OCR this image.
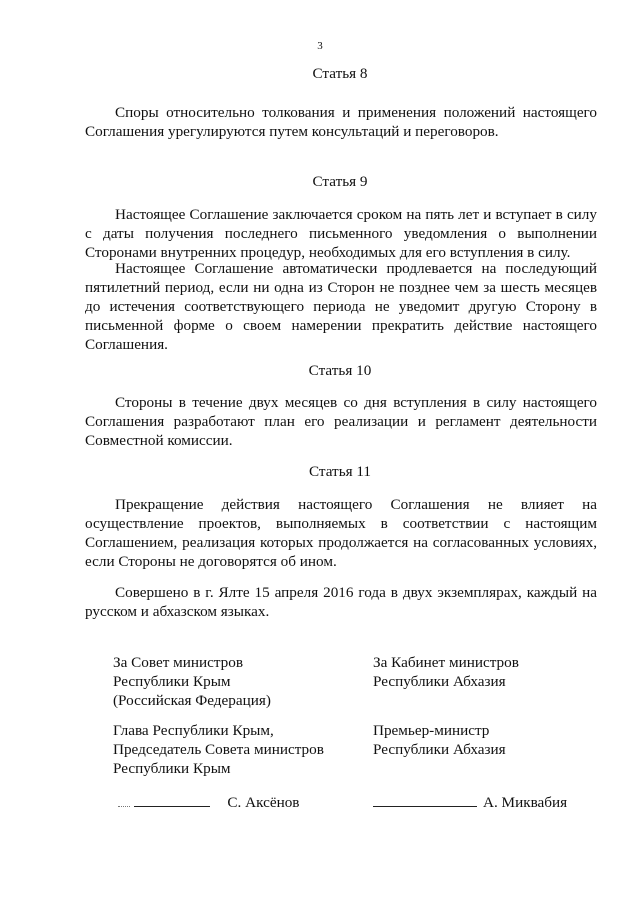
3
Статья 8

Споры относительно толкования и применения положений настоящего Соглашения урегулируются путем консультаций и переговоров.

Статья 9

Настоящее Соглашение заключается сроком на пять лет и вступает в силу с даты получения последнего письменного уведомления о выполнении Сторонами внутренних процедур, необходимых для его вступления в силу.

Настоящее Соглашение автоматически продлевается на последующий пятилетний период, если ни одна из Сторон не позднее чем за шесть месяцев до истечения соответствующего периода не уведомит другую Сторону в письменной форме о своем намерении прекратить действие настоящего Соглашения.

Статья 10

Стороны в течение двух месяцев со дня вступления в силу настоящего Соглашения разработают план его реализации и регламент деятельности Совместной комиссии.

Статья 11

Прекращение действия настоящего Соглашения не влияет на осуществление проектов, выполняемых в соответствии с настоящим Соглашением, реализация которых продолжается на согласованных условиях, если Стороны не договорятся об ином.

Совершено в г. Ялте 15 апреля 2016 года в двух экземплярах, каждый на русском и абхазском языках.

За Совет министров
Республики Крым
(Российская Федерация)
Глава Республики Крым,
Председатель Совета министров
Республики Крым
С. Аксёнов
За Кабинет министров
Республики Абхазия
Премьер-министр
Республики Абхазия
А. Миквабия
